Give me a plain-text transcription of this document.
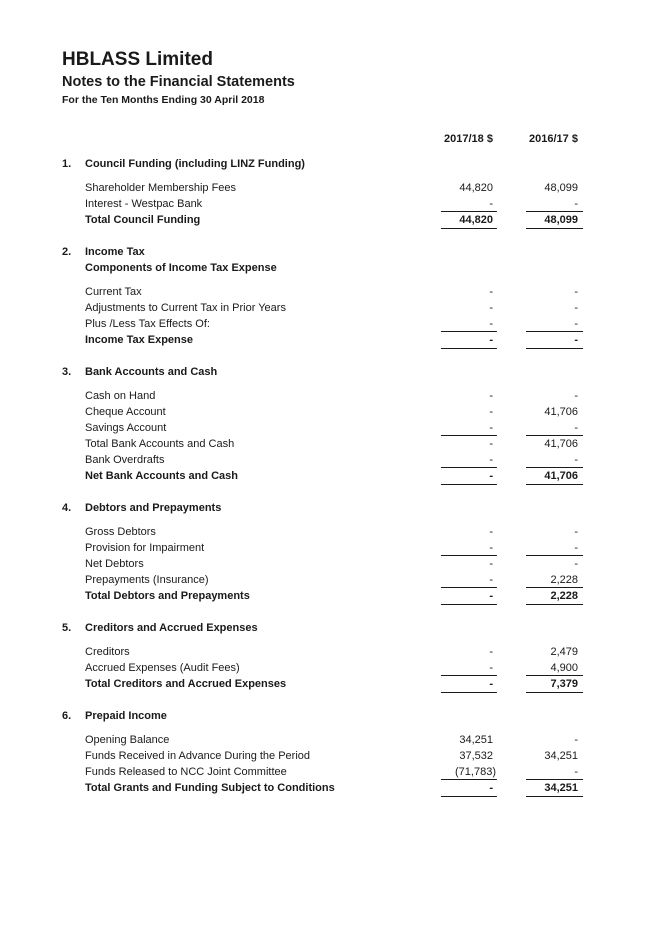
HBLASS Limited
Notes to the Financial Statements
For the Ten Months Ending 30 April 2018
2017/18 $	2016/17 $
1. Council Funding (including LINZ Funding)
Shareholder Membership Fees	44,820	48,099
Interest - Westpac Bank	-	-
Total Council Funding	44,820	48,099
2. Income Tax
Components of Income Tax Expense
Current Tax	-	-
Adjustments to Current Tax in Prior Years	-	-
Plus /Less Tax Effects Of:	-	-
Income Tax Expense	-	-
3. Bank Accounts and Cash
Cash on Hand	-	-
Cheque Account	-	41,706
Savings Account	-	-
Total Bank Accounts and Cash	-	41,706
Bank Overdrafts	-	-
Net Bank Accounts and Cash	-	41,706
4. Debtors and Prepayments
Gross Debtors	-	-
Provision for Impairment	-	-
Net Debtors	-	-
Prepayments (Insurance)	-	2,228
Total Debtors and Prepayments	-	2,228
5. Creditors and Accrued Expenses
Creditors	-	2,479
Accrued Expenses (Audit Fees)	-	4,900
Total Creditors and Accrued Expenses	-	7,379
6. Prepaid Income
Opening Balance	34,251	-
Funds Received in Advance During the Period	37,532	34,251
Funds Released to NCC Joint Committee	(71,783)	-
Total Grants and Funding Subject to Conditions	-	34,251
